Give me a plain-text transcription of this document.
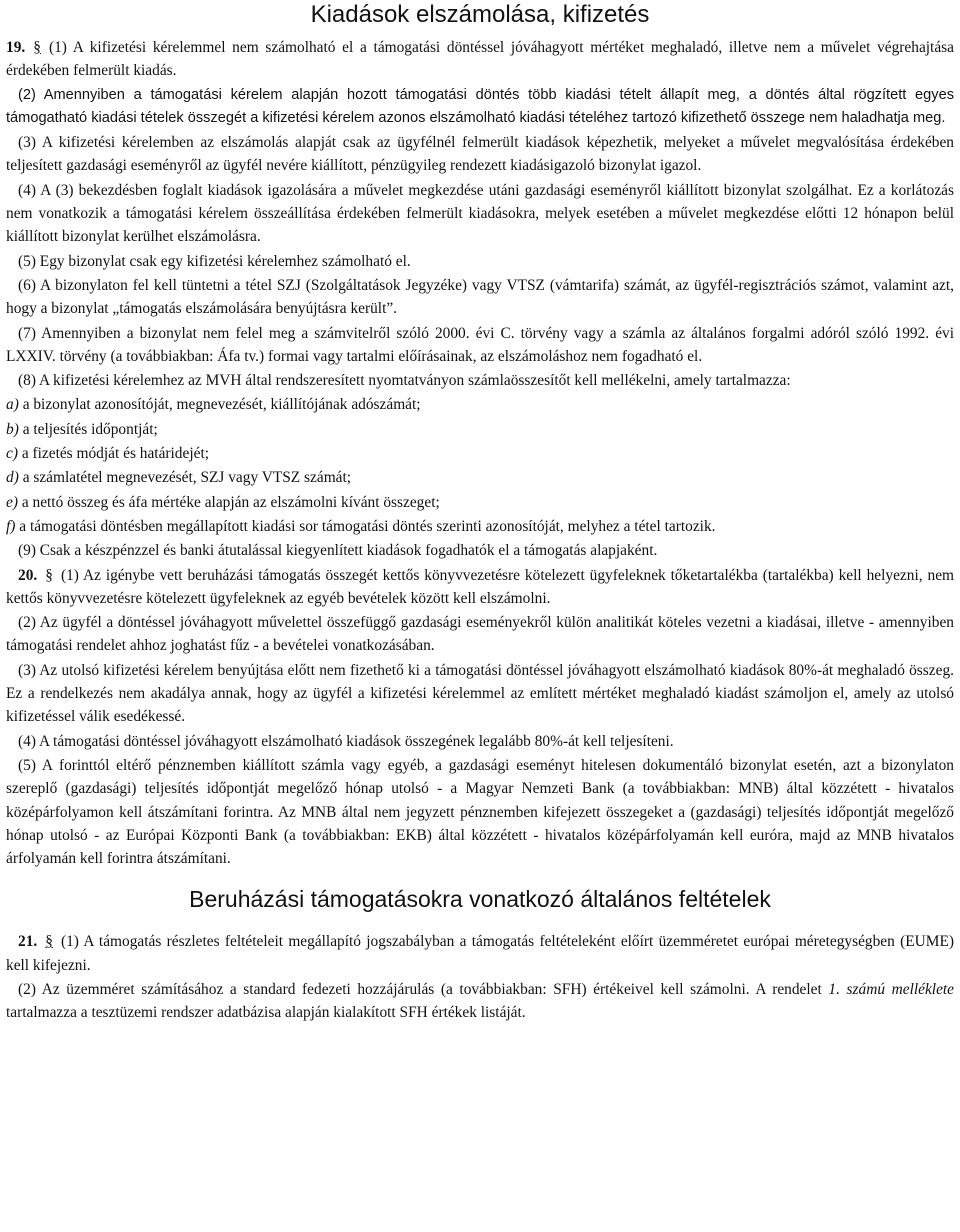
Kiadások elszámolása, kifizetés

19. § (1) A kifizetési kérelemmel nem számolható el a támogatási döntéssel jóváhagyott mértéket meghaladó, illetve nem a művelet végrehajtása érdekében felmerült kiadás.

(2) Amennyiben a támogatási kérelem alapján hozott támogatási döntés több kiadási tételt állapít meg, a döntés által rögzített egyes támogatható kiadási tételek összegét a kifizetési kérelem azonos elszámolható kiadási tételéhez tartozó kifizethető összege nem haladhatja meg.

(3) A kifizetési kérelemben az elszámolás alapját csak az ügyfélnél felmerült kiadások képezhetik, melyeket a művelet megvalósítása érdekében teljesített gazdasági eseményről az ügyfél nevére kiállított, pénzügyileg rendezett kiadásigazoló bizonylat igazol.

(4) A (3) bekezdésben foglalt kiadások igazolására a művelet megkezdése utáni gazdasági eseményről kiállított bizonylat szolgálhat. Ez a korlátozás nem vonatkozik a támogatási kérelem összeállítása érdekében felmerült kiadásokra, melyek esetében a művelet megkezdése előtti 12 hónapon belül kiállított bizonylat kerülhet elszámolásra.

(5) Egy bizonylat csak egy kifizetési kérelemhez számolható el.

(6) A bizonylaton fel kell tüntetni a tétel SZJ (Szolgáltatások Jegyzéke) vagy VTSZ (vámtarifa) számát, az ügyfél-regisztrációs számot, valamint azt, hogy a bizonylat „támogatás elszámolására benyújtásra került”.

(7) Amennyiben a bizonylat nem felel meg a számvitelről szóló 2000. évi C. törvény vagy a számla az általános forgalmi adóról szóló 1992. évi LXXIV. törvény (a továbbiakban: Áfa tv.) formai vagy tartalmi előírásainak, az elszámoláshoz nem fogadható el.

(8) A kifizetési kérelemhez az MVH által rendszeresített nyomtatványon számlaösszesítőt kell mellékelni, amely tartalmazza:

a) a bizonylat azonosítóját, megnevezését, kiállítójának adószámát;

b) a teljesítés időpontját;

c) a fizetés módját és határidejét;

d) a számlatétel megnevezését, SZJ vagy VTSZ számát;

e) a nettó összeg és áfa mértéke alapján az elszámolni kívánt összeget;

f) a támogatási döntésben megállapított kiadási sor támogatási döntés szerinti azonosítóját, melyhez a tétel tartozik.

(9) Csak a készpénzzel és banki átutalással kiegyenlített kiadások fogadhatók el a támogatás alapjaként.

20. § (1) Az igénybe vett beruházási támogatás összegét kettős könyvvezetésre kötelezett ügyfeleknek tőketartalékba (tartalékba) kell helyezni, nem kettős könyvvezetésre kötelezett ügyfeleknek az egyéb bevételek között kell elszámolni.

(2) Az ügyfél a döntéssel jóváhagyott művelettel összefüggő gazdasági eseményekről külön analitikát köteles vezetni a kiadásai, illetve - amennyiben támogatási rendelet ahhoz joghatást fűz - a bevételei vonatkozásában.

(3) Az utolsó kifizetési kérelem benyújtása előtt nem fizethető ki a támogatási döntéssel jóváhagyott elszámolható kiadások 80%-át meghaladó összeg. Ez a rendelkezés nem akadálya annak, hogy az ügyfél a kifizetési kérelemmel az említett mértéket meghaladó kiadást számoljon el, amely az utolsó kifizetéssel válik esedékessé.

(4) A támogatási döntéssel jóváhagyott elszámolható kiadások összegének legalább 80%-át kell teljesíteni.

(5) A forinttól eltérő pénznemben kiállított számla vagy egyéb, a gazdasági eseményt hitelesen dokumentáló bizonylat esetén, azt a bizonylaton szereplő (gazdasági) teljesítés időpontját megelőző hónap utolsó - a Magyar Nemzeti Bank (a továbbiakban: MNB) által közzétett - hivatalos középárfolyamon kell átszámítani forintra. Az MNB által nem jegyzett pénznemben kifejezett összegeket a (gazdasági) teljesítés időpontját megelőző hónap utolsó - az Európai Központi Bank (a továbbiakban: EKB) által közzétett - hivatalos középárfolyamán kell euróra, majd az MNB hivatalos árfolyamán kell forintra átszámítani.

Beruházási támogatásokra vonatkozó általános feltételek

21. § (1) A támogatás részletes feltételeit megállapító jogszabályban a támogatás feltételeként előírt üzemméretet európai méretegységben (EUME) kell kifejezni.

(2) Az üzemméret számításához a standard fedezeti hozzájárulás (a továbbiakban: SFH) értékeivel kell számolni. A rendelet 1. számú melléklete tartalmazza a tesztüzemi rendszer adatbázisa alapján kialakított SFH értékek listáját.
